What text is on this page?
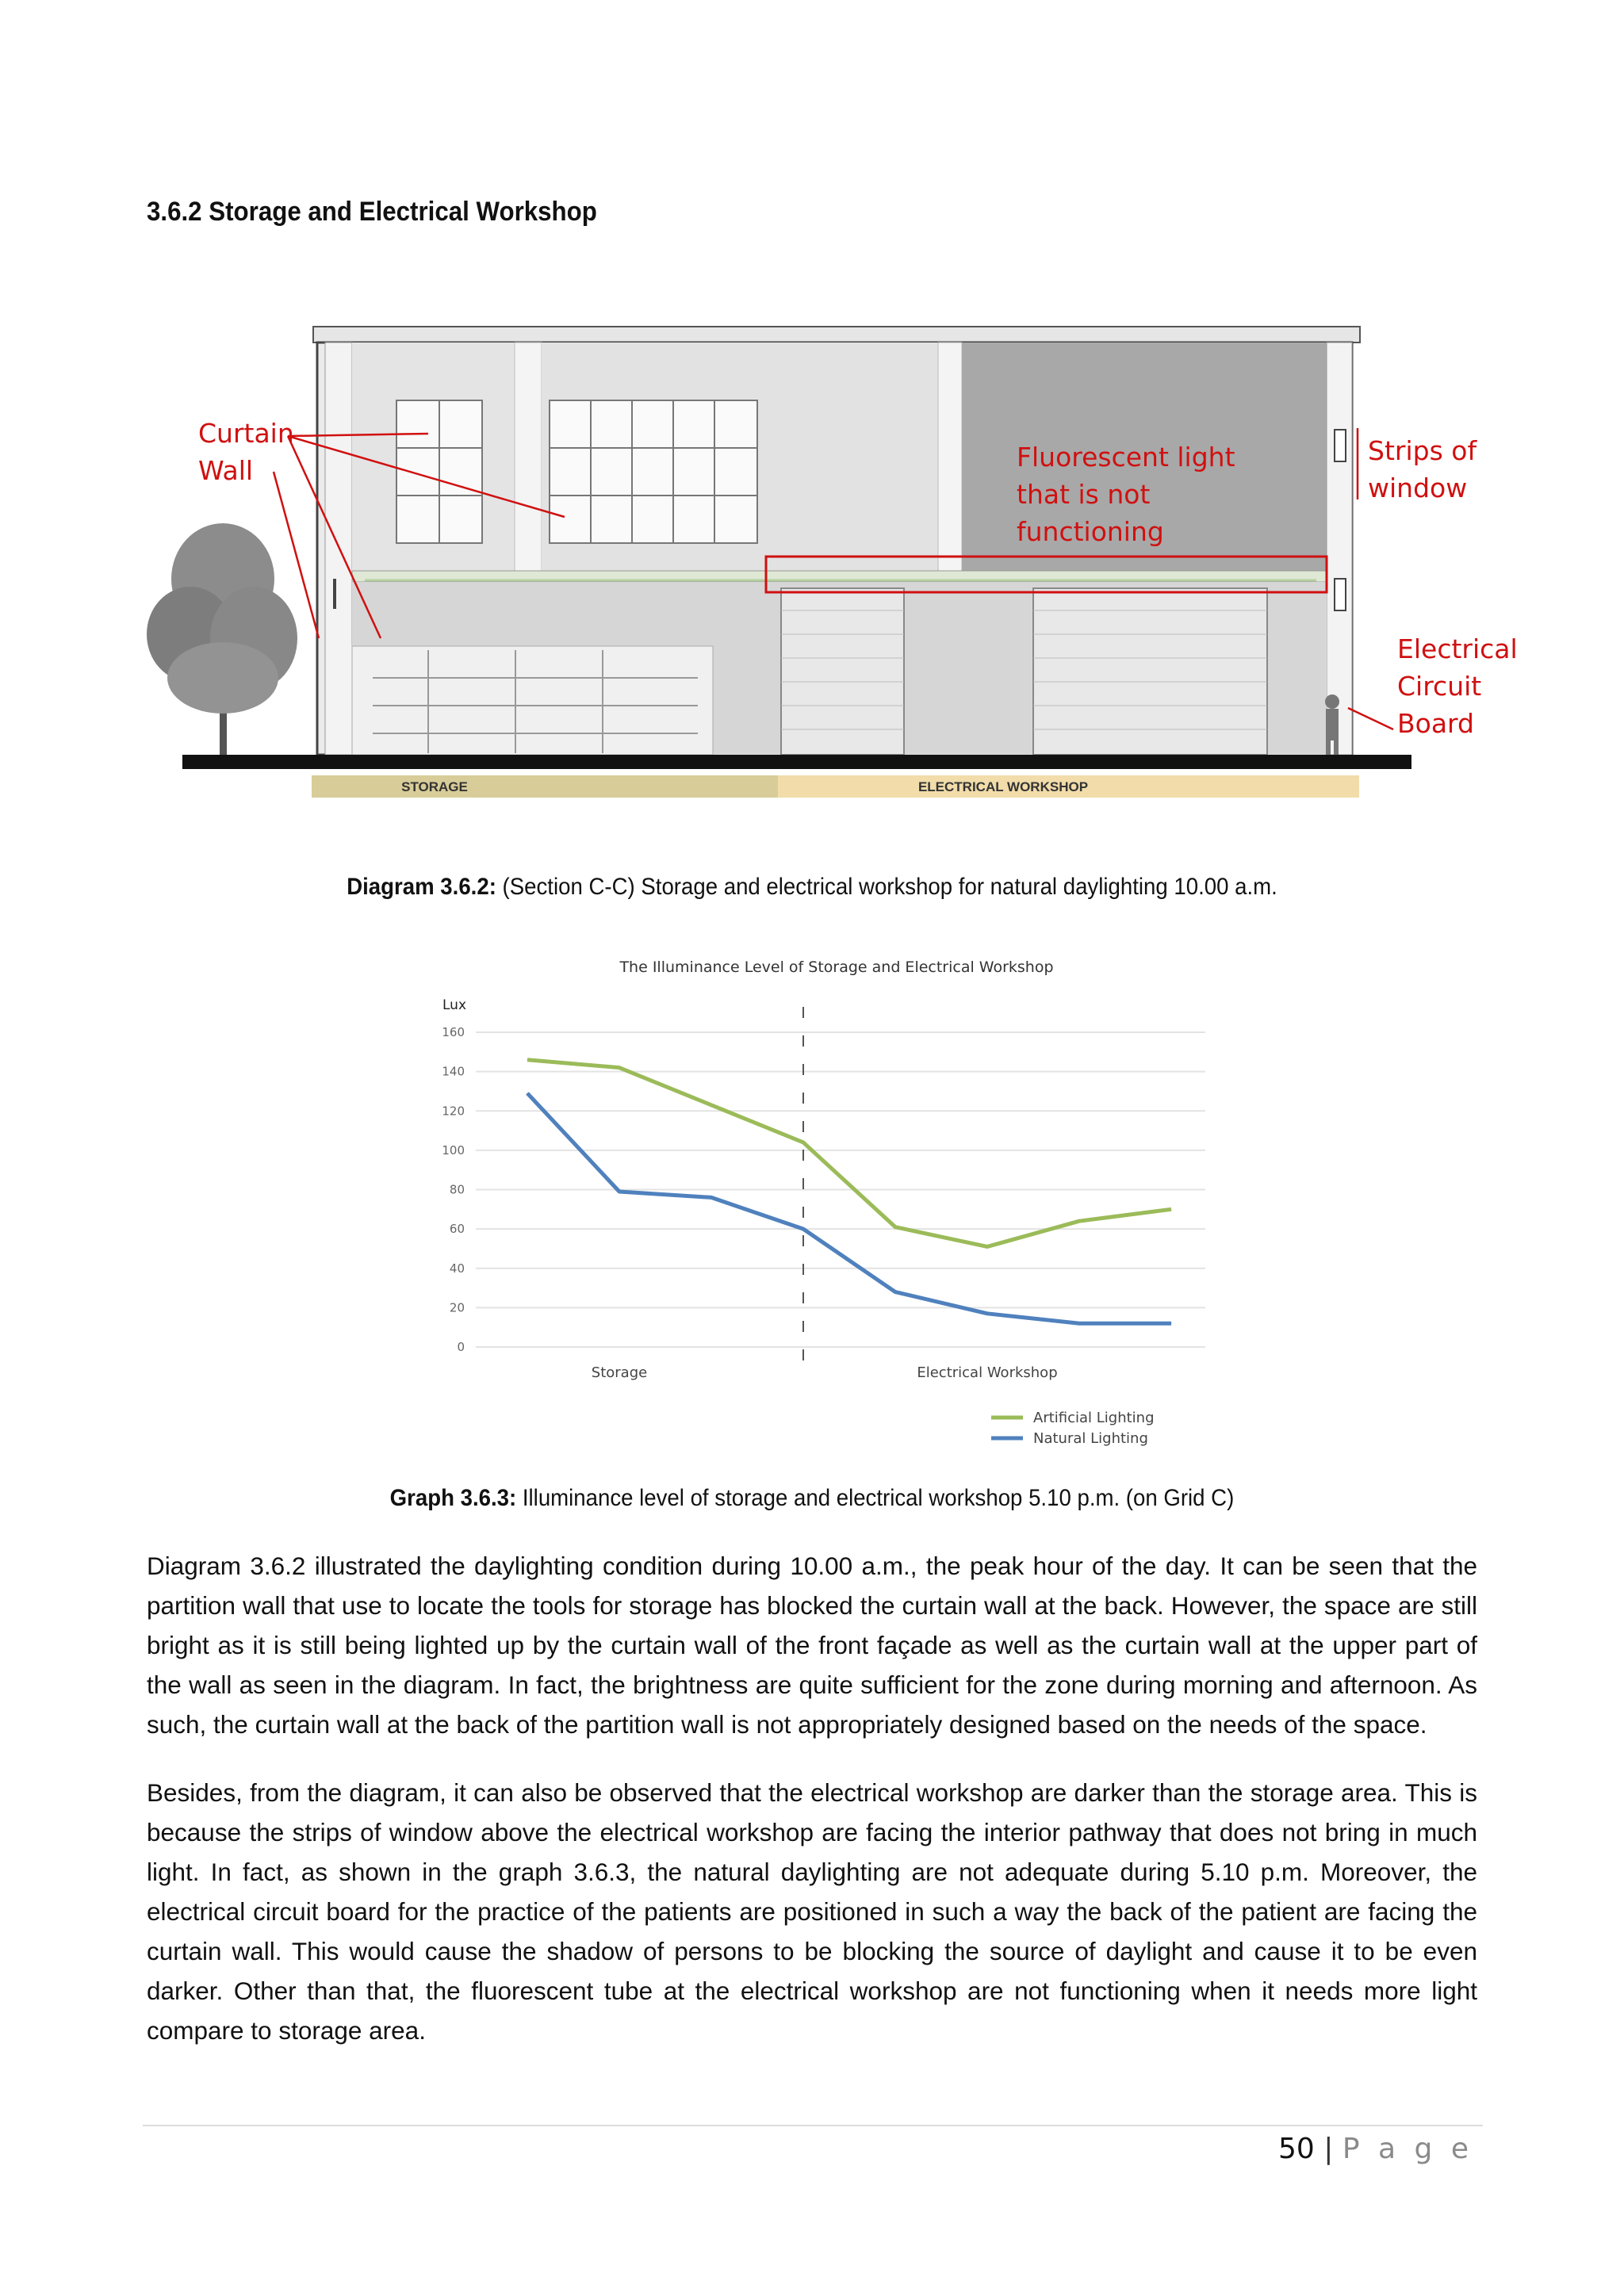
3.6.2 Storage and Electrical Workshop
STORAGE	ELECTRICAL WORKSHOP
Curtain
Wall	Fluorescent light
that is not
functioning
Strips of
window
Electrical
Circuit
Board
Diagram 3.6.2: (Section C-C) Storage and electrical workshop for natural daylighting 10.00 a.m.
The Illuminance Level of Storage and Electrical Workshop
Lux
0
20
40
60
80
100
120
140
160
Storage	Electrical Workshop
Artificial Lighting
Natural Lighting
Graph 3.6.3: Illuminance level of storage and electrical workshop 5.10 p.m. (on Grid C)
Diagram 3.6.2 illustrated the daylighting condition during 10.00 a.m., the peak hour of the day. It can be seen that the partition wall that use to locate the tools for storage has blocked the curtain wall at the back. However, the space are still bright as it is still being lighted up by the curtain wall of the front façade as well as the curtain wall at the upper part of the wall as seen in the diagram. In fact, the brightness are quite sufficient for the zone during morning and afternoon. As such, the curtain wall at the back of the partition wall is not appropriately designed based on the needs of the space.
Besides, from the diagram, it can also be observed that the electrical workshop are darker than the storage area. This is because the strips of window above the electrical workshop are facing the interior pathway that does not bring in much light. In fact, as shown in the graph 3.6.3, the natural daylighting are not adequate during 5.10 p.m. Moreover, the electrical circuit board for the practice of the patients are positioned in such a way the back of the patient are facing the curtain wall. This would cause the shadow of persons to be blocking the source of daylight and cause it to be even darker. Other than that, the fluorescent tube at the electrical workshop are not functioning when it needs more light compare to storage area.
50 | P a g e
